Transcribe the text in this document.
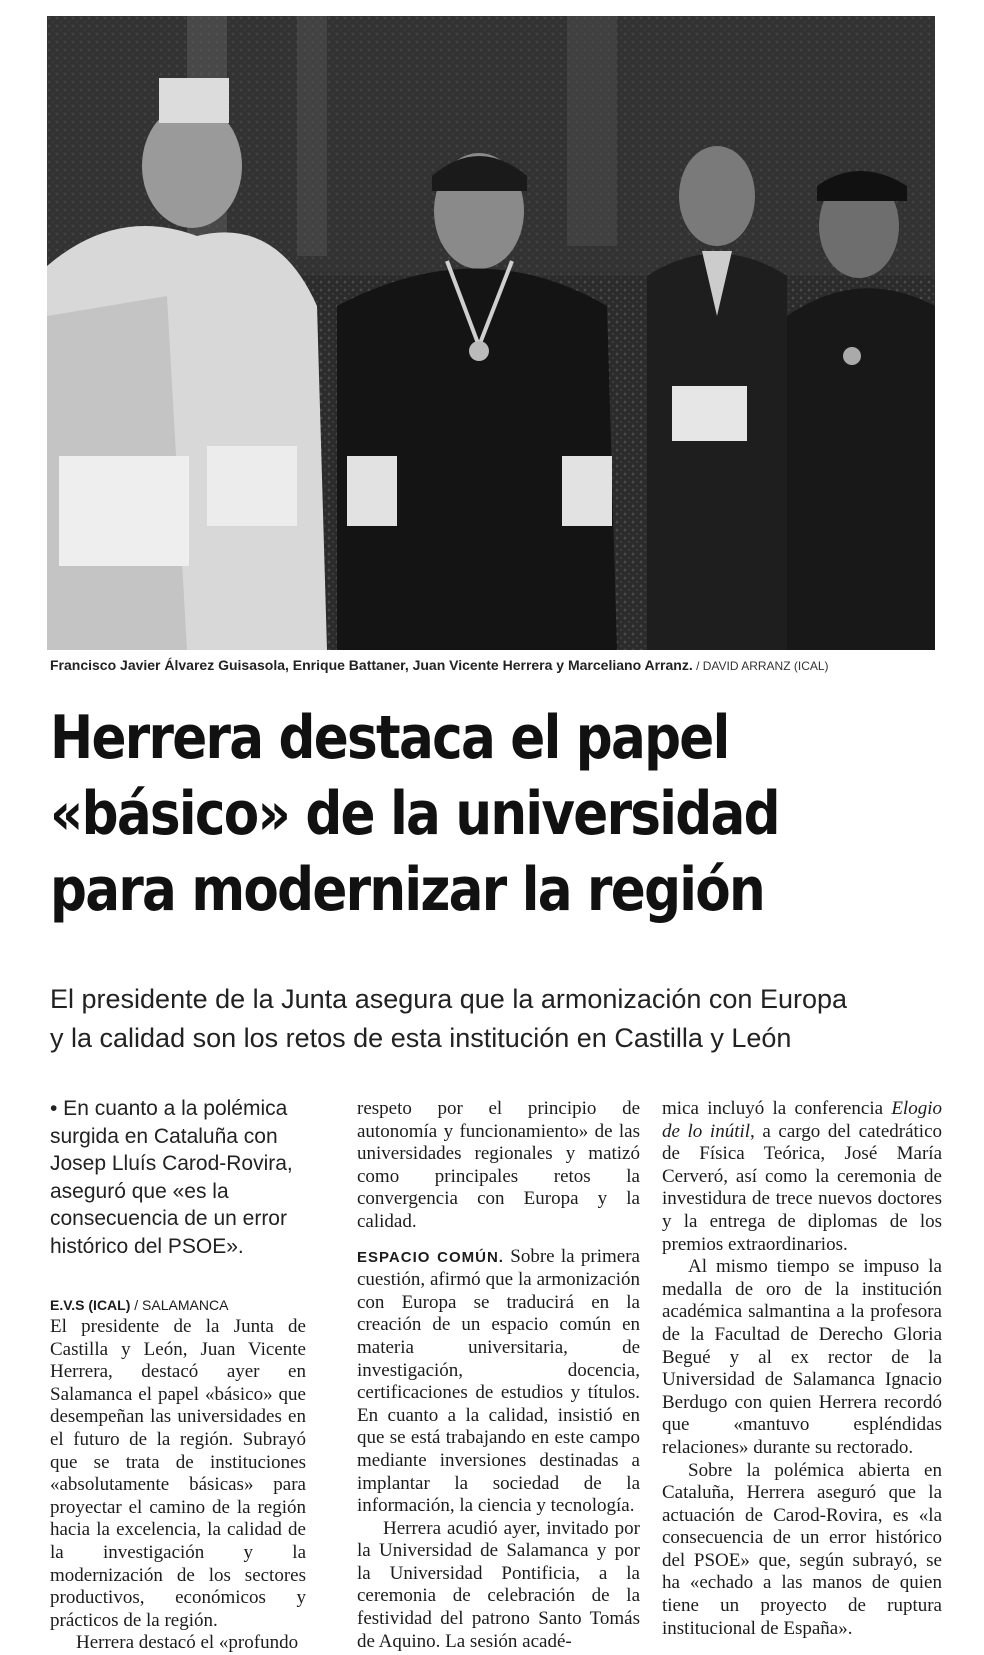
Francisco Javier Álvarez Guisasola, Enrique Battaner, Juan Vicente Herrera y Marceliano Arranz. / DAVID ARRANZ (ICAL)
Herrera destaca el papel
«básico» de la universidad
para modernizar la región
El presidente de la Junta asegura que la armonización con Europa
y la calidad son los retos de esta institución en Castilla y León

• En cuanto a la polémica surgida en Cataluña con Josep Lluís Carod-Rovira, aseguró que «es la consecuencia de un error histórico del PSOE».

E.V.S (ICAL) / SALAMANCA

El presidente de la Junta de Castilla y León, Juan Vicente Herrera, destacó ayer en Salamanca el papel «básico» que desempeñan las universidades en el futuro de la región. Subrayó que se trata de instituciones «absolutamente básicas» para proyectar el camino de la región hacia la excelencia, la calidad de la investigación y la modernización de los sectores productivos, económicos y prácticos de la región.

Herrera destacó el «profundo

respeto por el principio de autonomía y funcionamiento» de las universidades regionales y matizó como principales retos la convergencia con Europa y la calidad.

ESPACIO COMÚN. Sobre la primera cuestión, afirmó que la armonización con Europa se traducirá en la creación de un espacio común en materia universitaria, de investigación, docencia, certificaciones de estudios y títulos. En cuanto a la calidad, insistió en que se está trabajando en este campo mediante inversiones destinadas a implantar la sociedad de la información, la ciencia y tecnología.

Herrera acudió ayer, invitado por la Universidad de Salamanca y por la Universidad Pontificia, a la ceremonia de celebración de la festividad del patrono Santo Tomás de Aquino. La sesión acadé-

mica incluyó la conferencia Elogio de lo inútil, a cargo del catedrático de Física Teórica, José María Cerveró, así como la ceremonia de investidura de trece nuevos doctores y la entrega de diplomas de los premios extraordinarios.

Al mismo tiempo se impuso la medalla de oro de la institución académica salmantina a la profesora de la Facultad de Derecho Gloria Begué y al ex rector de la Universidad de Salamanca Ignacio Berdugo con quien Herrera recordó que «mantuvo espléndidas relaciones» durante su rectorado.

Sobre la polémica abierta en Cataluña, Herrera aseguró que la actuación de Carod-Rovira, es «la consecuencia de un error histórico del PSOE» que, según subrayó, se ha «echado a las manos de quien tiene un proyecto de ruptura institucional de España».
